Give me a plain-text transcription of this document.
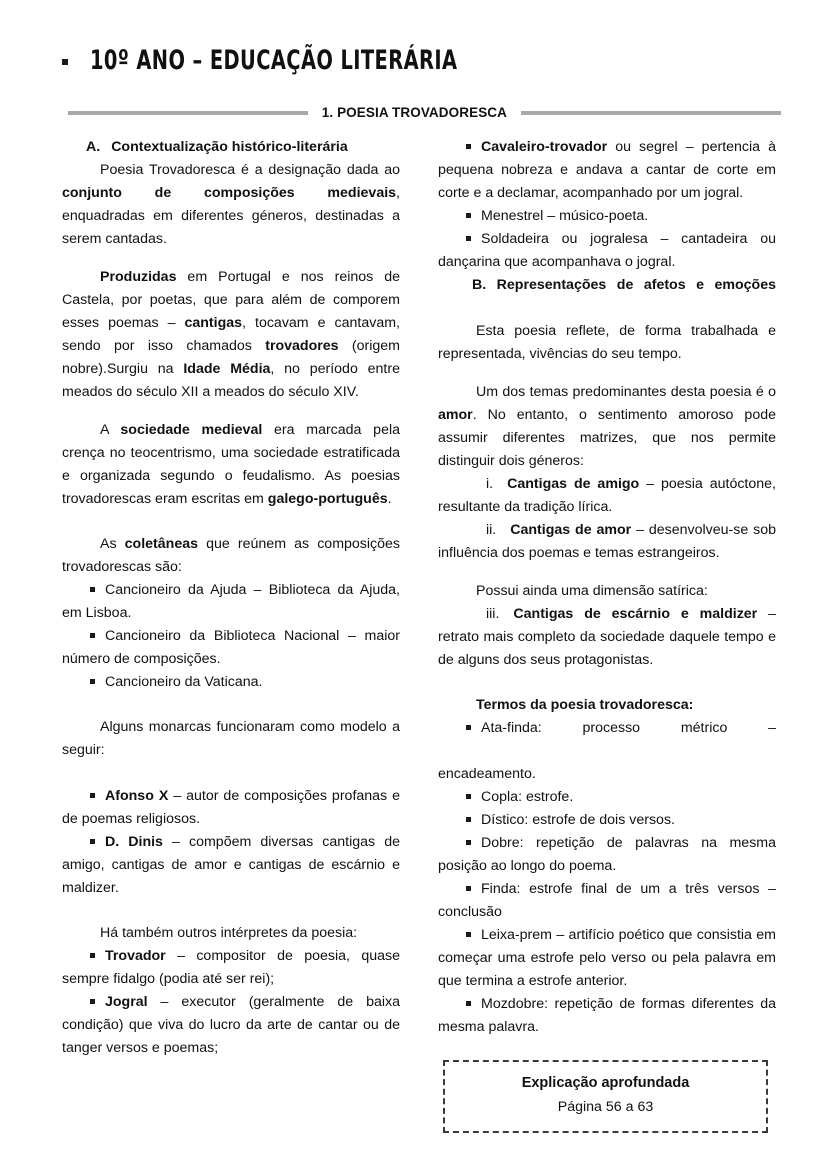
10º ANO – EDUCAÇÃO LITERÁRIA
1. POESIA TROVADORESCA

A. Contextualização histórico-literária

Poesia Trovadoresca é a designação dada ao conjunto de composições medievais, enquadradas em diferentes géneros, destinadas a serem cantadas.

Produzidas em Portugal e nos reinos de Castela, por poetas, que para além de comporem esses poemas – cantigas, tocavam e cantavam, sendo por isso chamados trovadores (origem nobre).Surgiu na Idade Média, no período entre meados do século XII a meados do século XIV.

A sociedade medieval era marcada pela crença no teocentrismo, uma sociedade estratificada e organizada segundo o feudalismo. As poesias trovadorescas eram escritas em galego-português.

As coletâneas que reúnem as composições trovadorescas são:

Cancioneiro da Ajuda – Biblioteca da Ajuda, em Lisboa.

Cancioneiro da Biblioteca Nacional – maior número de composições.

Cancioneiro da Vaticana.

Alguns monarcas funcionaram como modelo a seguir:

Afonso X – autor de composições profanas e de poemas religiosos.

D. Dinis – compõem diversas cantigas de amigo, cantigas de amor e cantigas de escárnio e maldizer.

Há também outros intérpretes da poesia:

Trovador – compositor de poesia, quase sempre fidalgo (podia até ser rei);

Jogral – executor (geralmente de baixa condição) que viva do lucro da arte de cantar ou de tanger versos e poemas;

Cavaleiro-trovador ou segrel – pertencia à pequena nobreza e andava a cantar de corte em corte e a declamar, acompanhado por um jogral.

Menestrel – músico-poeta.

Soldadeira ou jogralesa – cantadeira ou dançarina que acompanhava o jogral.

B. Representações de afetos e emoções

Esta poesia reflete, de forma trabalhada e representada, vivências do seu tempo.

Um dos temas predominantes desta poesia é o amor. No entanto, o sentimento amoroso pode assumir diferentes matrizes, que nos permite distinguir dois géneros:

i. Cantigas de amigo – poesia autóctone, resultante da tradição lírica.

ii. Cantigas de amor – desenvolveu-se sob influência dos poemas e temas estrangeiros.

Possui ainda uma dimensão satírica:

iii. Cantigas de escárnio e maldizer – retrato mais completo da sociedade daquele tempo e de alguns dos seus protagonistas.

Termos da poesia trovadoresca:

Ata-finda:	processo métrico –

encadeamento.

Copla: estrofe.

Dístico: estrofe de dois versos.

Dobre: repetição de palavras na mesma posição ao longo do poema.

Finda: estrofe final de um a três versos – conclusão

Leixa-prem – artifício poético que consistia em começar uma estrofe pelo verso ou pela palavra em que termina a estrofe anterior.

Mozdobre: repetição de formas diferentes da mesma palavra.

Explicação aprofundada
Página 56 a 63
